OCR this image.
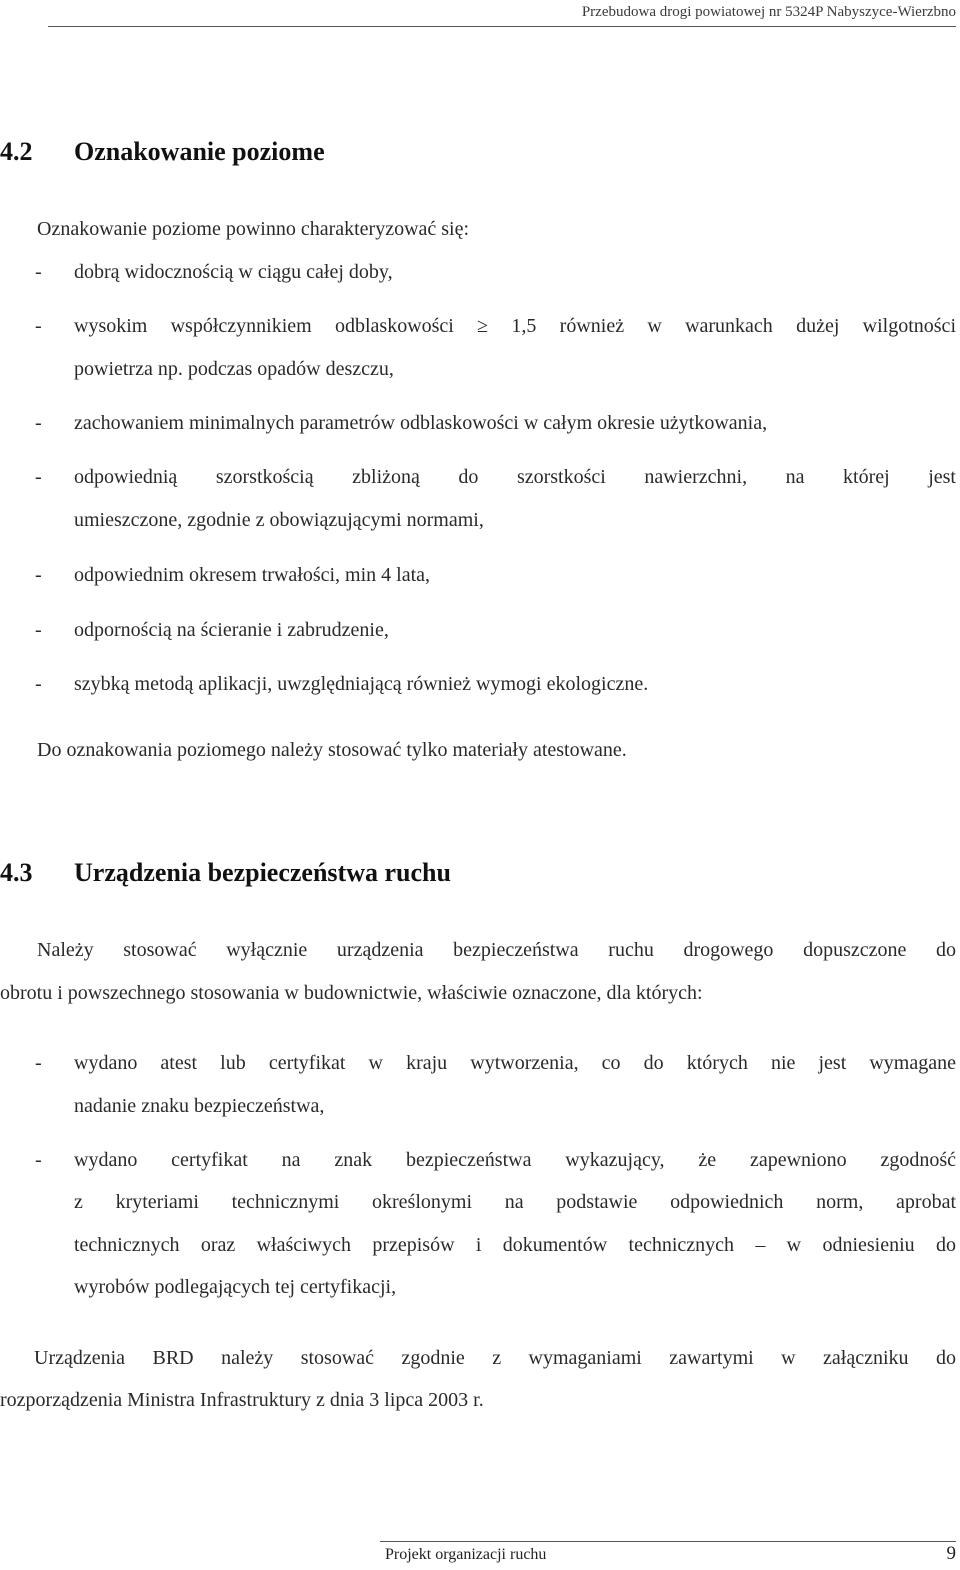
Przebudowa drogi powiatowej nr 5324P Nabyszyce-Wierzbno
4.2 Oznakowanie poziome
Oznakowanie poziome powinno charakteryzować się:
- dobrą widocznością w ciągu całej doby,
- wysokim współczynnikiem odblaskowości ≥ 1,5 również w warunkach dużej wilgotności
powietrza np. podczas opadów deszczu,
- zachowaniem minimalnych parametrów odblaskowości w całym okresie użytkowania,
- odpowiednią szorstkością zbliżoną do szorstkości nawierzchni, na której jest
umieszczone, zgodnie z obowiązującymi normami,
- odpowiednim okresem trwałości, min 4 lata,
- odpornością na ścieranie i zabrudzenie,
- szybką metodą aplikacji, uwzględniającą również wymogi ekologiczne.
Do oznakowania poziomego należy stosować tylko materiały atestowane.
4.3 Urządzenia bezpieczeństwa ruchu
Należy stosować wyłącznie urządzenia bezpieczeństwa ruchu drogowego dopuszczone do
obrotu i powszechnego stosowania w budownictwie, właściwie oznaczone, dla których:
- wydano atest lub certyfikat w kraju wytworzenia, co do których nie jest wymagane
nadanie znaku bezpieczeństwa,
- wydano certyfikat na znak bezpieczeństwa wykazujący, że zapewniono zgodność
z kryteriami technicznymi określonymi na podstawie odpowiednich norm, aprobat
technicznych oraz właściwych przepisów i dokumentów technicznych – w odniesieniu do
wyrobów podlegających tej certyfikacji,
Urządzenia BRD należy stosować zgodnie z wymaganiami zawartymi w załączniku do
rozporządzenia Ministra Infrastruktury z dnia 3 lipca 2003 r.
Projekt organizacji ruchu	9
